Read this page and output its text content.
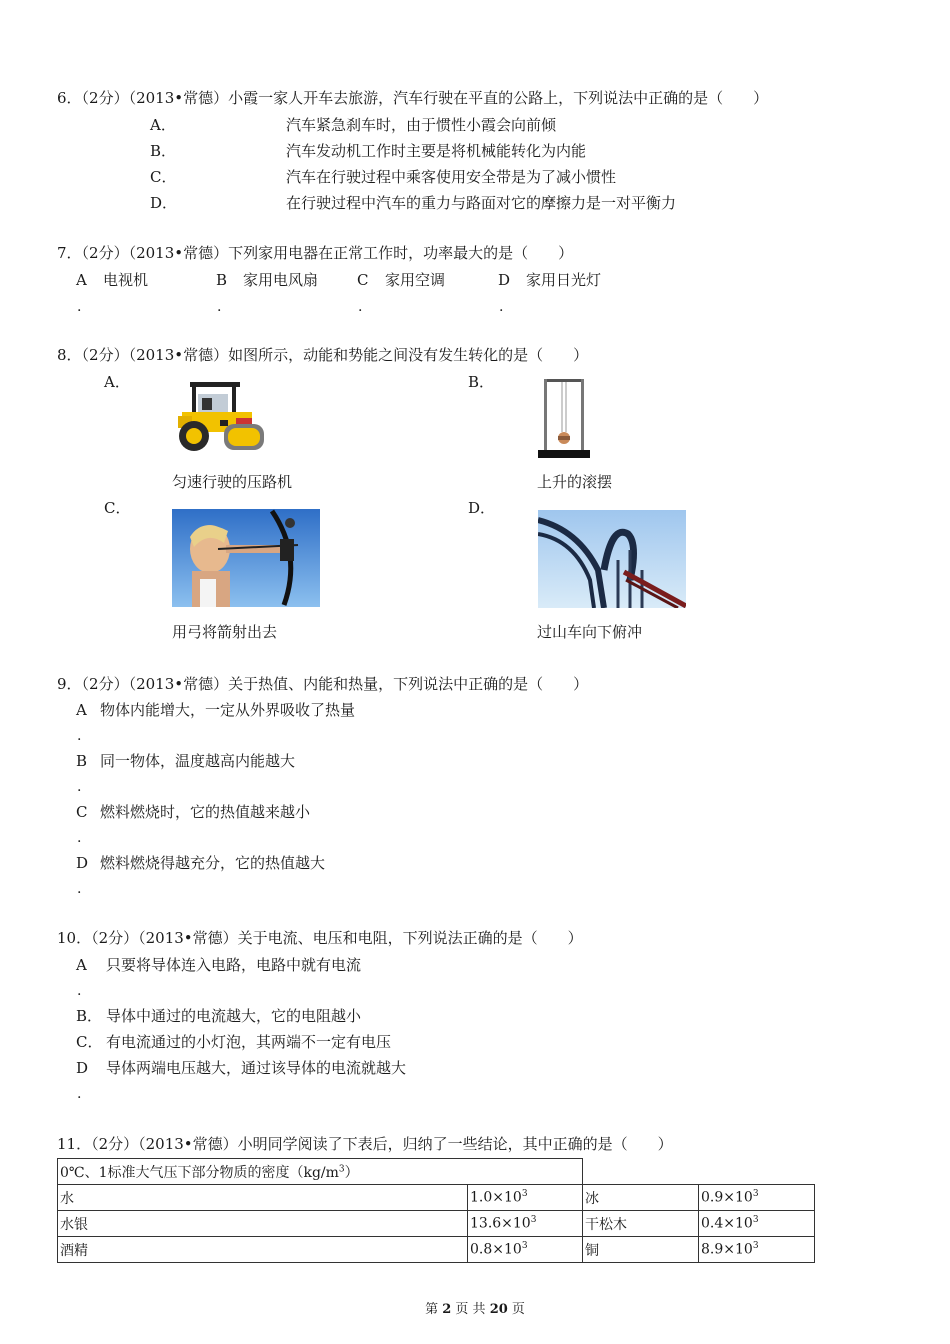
6．（2分）（2013•常德）小霞一家人开车去旅游，汽车行驶在平直的公路上，下列说法中正确的是（　　）
A．	汽车紧急刹车时，由于惯性小霞会向前倾
B．	汽车发动机工作时主要是将机械能转化为内能
C．	汽车在行驶过程中乘客使用安全带是为了减小惯性
D．	在行驶过程中汽车的重力与路面对它的摩擦力是一对平衡力
7．（2分）（2013•常德）下列家用电器在正常工作时，功率最大的是（　　）
A 电视机	B 家用电风扇	C 家用空调	D 家用日光灯
.	.	.	.
8．（2分）（2013•常德）如图所示，动能和势能之间没有发生转化的是（　　）
A．	B．
匀速行驶的压路机	上升的滚摆
C．	D．
用弓将箭射出去	过山车向下俯冲
9．（2分）（2013•常德）关于热值、内能和热量，下列说法中正确的是（　　）
A 物体内能增大，一定从外界吸收了热量
.
B 同一物体，温度越高内能越大
.
C 燃料燃烧时，它的热值越来越小
.
D 燃料燃烧得越充分，它的热值越大
.
10．（2分）（2013•常德）关于电流、电压和电阻，下列说法正确的是（　　）
A 只要将导体连入电路，电路中就有电流
.
B． 导体中通过的电流越大，它的电阻越小
C． 有电流通过的小灯泡，其两端不一定有电压
D 导体两端电压越大，通过该导体的电流就越大
.
11．（2分）（2013•常德）小明同学阅读了下表后，归纳了一些结论，其中正确的是（　　）
0℃、1标准大气压下部分物质的密度$(kg/m^3)$			
水	$1.0\times 10^3$	冰	$0.9\times 10^3$
水银	$13.6\times 10^3$	干松木	$0.4\times 10^3$
酒精	$0.8\times 10^3$	铜	$8.9\times 10^3$
第 2 页 共 20 页
